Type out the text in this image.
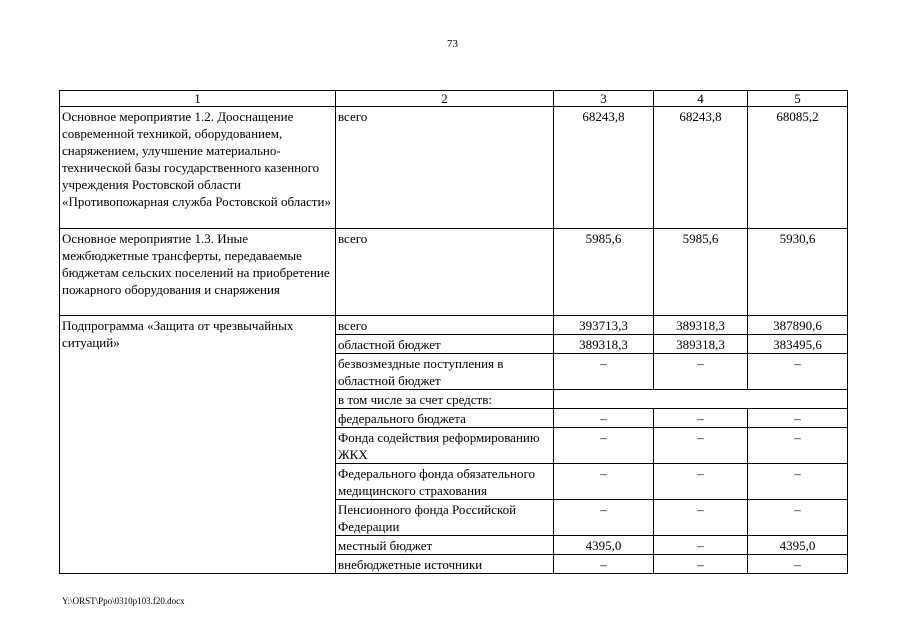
73
1	2	3	4	5
Основное мероприятие 1.2. Дооснащение современной техникой, оборудованием, снаряжением, улучшение материально-технической базы государственного казенного учреждения Ростовской области «Противопожарная служба Ростовской области»	всего	68243,8	68243,8	68085,2
Основное мероприятие 1.3. Иные межбюджетные трансферты, передаваемые бюджетам сельских поселений на приобретение пожарного оборудования и снаряжения	всего	5985,6	5985,6	5930,6
Подпрограмма «Защита от чрезвычайных ситуаций»	всего	393713,3	389318,3	387890,6
	областной бюджет	389318,3	389318,3	383495,6
	безвозмездные поступления в областной бюджет	–	–	–
	в том числе за счет средств:			
	федерального бюджета	–	–	–
	Фонда содействия реформированию ЖКХ	–	–	–
	Федерального фонда обязательного медицинского страхования	–	–	–
	Пенсионного фонда Российской Федерации	–	–	–
	местный бюджет	4395,0	–	4395,0
	внебюджетные источники	–	–	–
Y:\ORST\Ppo\0310p103.f20.docx
